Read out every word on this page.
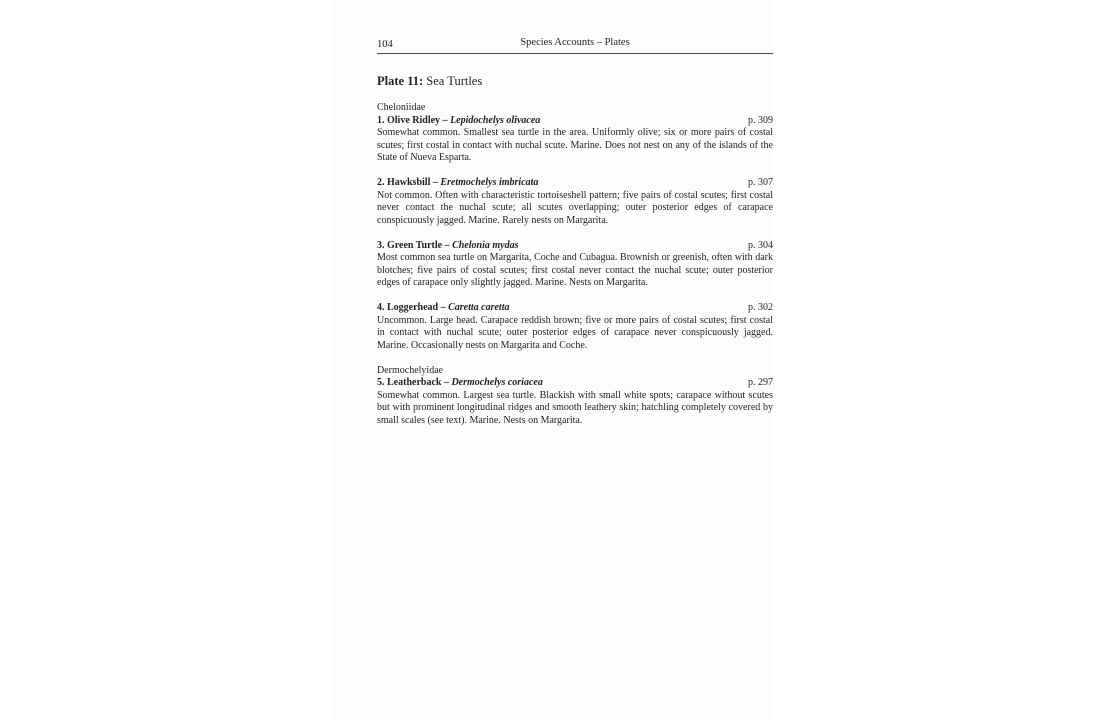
104	Species Accounts – Plates
Plate 11: Sea Turtles
Cheloniidae
1. Olive Ridley – Lepidochelys olivacea	p. 309
Somewhat common. Smallest sea turtle in the area. Uniformly olive; six or more pairs of costal scutes; first costal in contact with nuchal scute. Marine. Does not nest on any of the islands of the State of Nueva Esparta.
2. Hawksbill – Eretmochelys imbricata	p. 307
Not common. Often with characteristic tortoiseshell pattern; five pairs of costal scutes; first costal never contact the nuchal scute; all scutes overlapping; outer posterior edges of carapace conspicuously jagged. Marine. Rarely nests on Margarita.
3. Green Turtle – Chelonia mydas	p. 304
Most common sea turtle on Margarita, Coche and Cubagua. Brownish or greenish, often with dark blotches; five pairs of costal scutes; first costal never contact the nuchal scute; outer posterior edges of carapace only slightly jagged. Marine. Nests on Margarita.
4. Loggerhead – Caretta caretta	p. 302
Uncommon. Large head. Carapace reddish brown; five or more pairs of costal scutes; first costal in contact with nuchal scute; outer posterior edges of carapace never conspicuously jagged. Marine. Occasionally nests on Margarita and Coche.
Dermochelyidae
5. Leatherback – Dermochelys coriacea	p. 297
Somewhat common. Largest sea turtle. Blackish with small white spots; carapace without scutes but with prominent longitudinal ridges and smooth leathery skin; hatchling completely covered by small scales (see text). Marine. Nests on Margarita.
